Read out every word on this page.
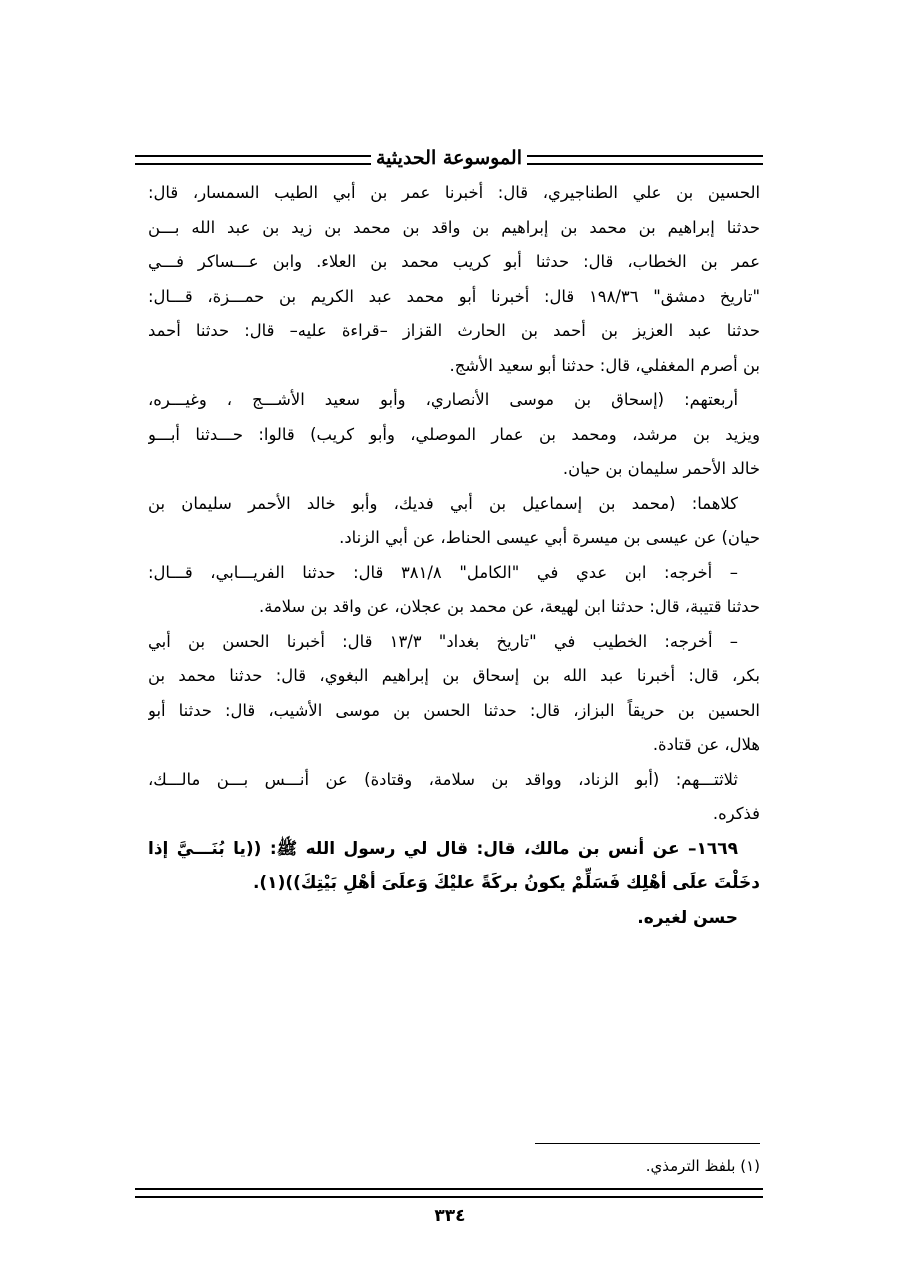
الموسوعة الحديثية
الحسين بن علي الطناجيري، قال: أخبرنا عمر بن أبي الطيب السمسار، قال:
حدثنا إبراهيم بن محمد بن إبراهيم بن واقد بن محمد بن زيد بن عبد الله بـــن
عمر بن الخطاب، قال: حدثنا أبو كريب محمد بن العلاء. وابن عـــساكر فـــي
"تاريخ دمشق" ١٩٨/٣٦ قال: أخبرنا أبو محمد عبد الكريم بن حمـــزة، قـــال:
حدثنا عبد العزيز بن أحمد بن الحارث القزاز –قراءة عليه– قال: حدثنا أحمد
بن أصرم المغفلي، قال: حدثنا أبو سعيد الأشج.
أربعتهم: (إسحاق بن موسى الأنصاري، وأبو سعيد الأشـــج ، وغيـــره،
ويزيد بن مرشد، ومحمد بن عمار الموصلي، وأبو كريب) قالوا: حـــدثنا أبـــو
خالد الأحمر سليمان بن حيان.
كلاهما: (محمد بن إسماعيل بن أبي فديك، وأبو خالد الأحمر سليمان بن
حيان) عن عيسى بن ميسرة أبي عيسى الحناط، عن أبي الزناد.
– أخرجه: ابن عدي في "الكامل" ٣٨١/٨ قال: حدثنا الفريـــابي، قـــال:
حدثنا قتيبة، قال: حدثنا ابن لهيعة، عن محمد بن عجلان، عن واقد بن سلامة.
– أخرجه: الخطيب في "تاريخ بغداد" ١٣/٣ قال: أخبرنا الحسن بن أبي
بكر، قال: أخبرنا عبد الله بن إسحاق بن إبراهيم البغوي، قال: حدثنا محمد بن
الحسين بن حريقاً البزاز، قال: حدثنا الحسن بن موسى الأشيب، قال: حدثنا أبو
هلال، عن قتادة.
ثلاثتـــهم: (أبو الزناد، وواقد بن سلامة، وقتادة) عن أنـــس بـــن مالـــك،
فذكره.
١٦٦٩– عن أنس بن مالك، قال: قال لي رسول الله ﷺ: ((يا بُنَـــيَّ إذا
دخَلْتَ علَى أهْلِك فَسَلِّمْ يكونُ بركَةً عليْكَ وَعلَىَ أهْلِ بَيْتِكَ))(١).
حسن لغيره.
(١) بلفظ الترمذي.
٣٣٤
